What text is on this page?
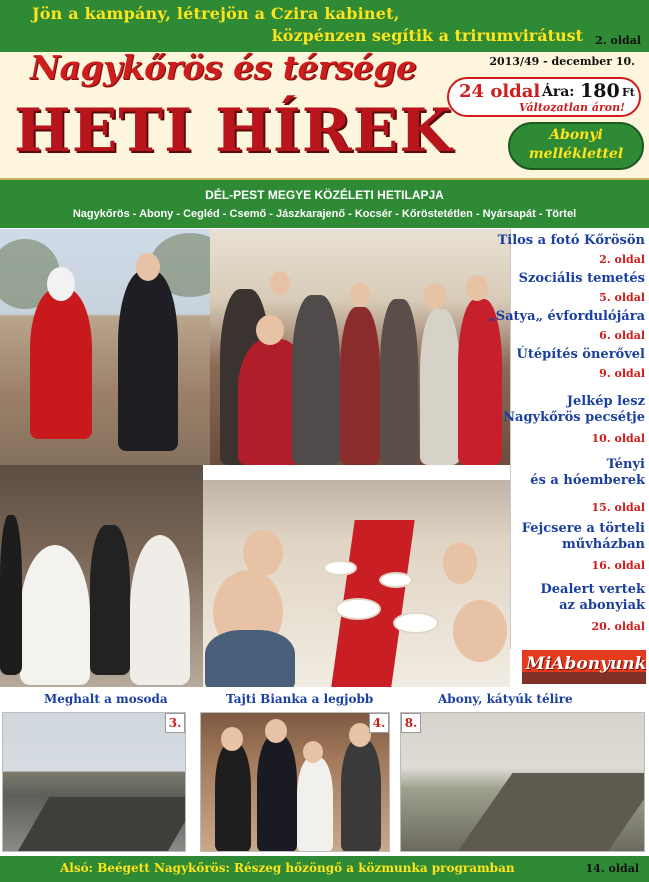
Jön a kampány, létrejön a Czira kabinet,
közpénzen segítik a trirumvirátust 2. oldal
Nagykőrös és térsége	2013/49 - december 10.
24 oldal Ára: 180 Ft
Változatlan áron!
HETI HÍREK	Abonyi
melléklettel
DÉL-PEST MEGYE KÖZÉLETI HETILAPJA
Nagykőrös - Abony - Cegléd - Csemő - Jászkarajenő - Kocsér - Kőröstetétlen - Nyársapát - Törtel
Tilos a fotó Kőrösön
2. oldal
Szociális temetés
5. oldal
„Satya„ évfordulójára
6. oldal
Útépítés önerővel
9. oldal
Jelkép lesz
Nagykőrös pecsétje
10. oldal
Tényi
és a hóemberek
15. oldal
Fejcsere a törteli
művházban
16. oldal
Dealert vertek
az abonyiak
20. oldal
MiAbonyunk
Meghalt a mosoda	Tajti Bianka a legjobb	Abony, kátyúk télire
3.	4.	8.
Alsó: Beégett Nagykőrös: Részeg hőzöngő a közmunka programban	14. oldal
